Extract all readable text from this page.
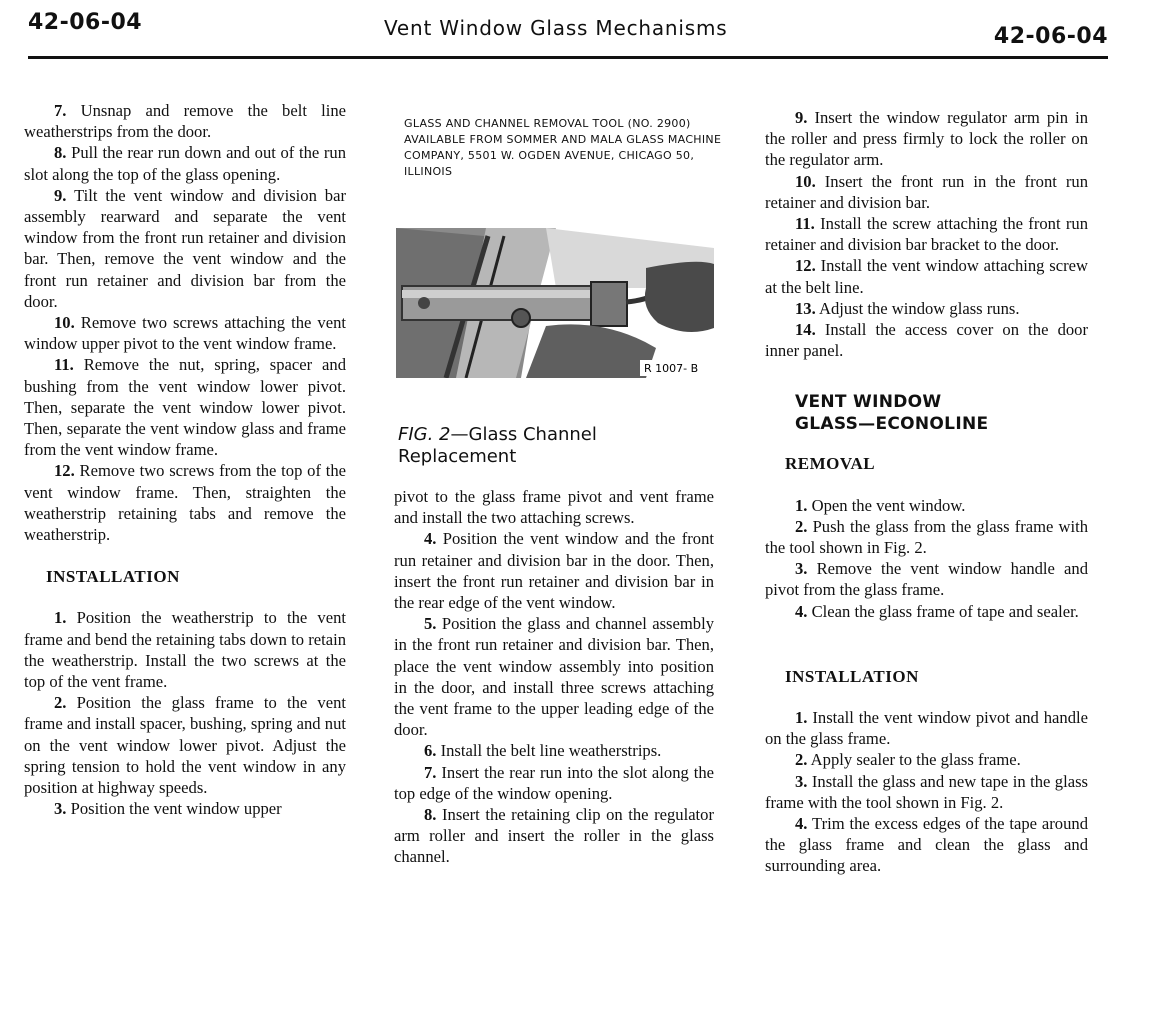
42-06-04	Vent Window Glass Mechanisms	42-06-04

7. Unsnap and remove the belt line weatherstrips from the door.

8. Pull the rear run down and out of the run slot along the top of the glass opening.

9. Tilt the vent window and division bar assembly rearward and separate the vent window from the front run retainer and division bar. Then, remove the vent window and the front run retainer and division bar from the door.

10. Remove two screws attaching the vent window upper pivot to the vent window frame.

11. Remove the nut, spring, spacer and bushing from the vent window lower pivot. Then, separate the vent window lower pivot. Then, separate the vent window glass and frame from the vent window frame.

12. Remove two screws from the top of the vent window frame. Then, straighten the weatherstrip retaining tabs and remove the weatherstrip.

INSTALLATION

1. Position the weatherstrip to the vent frame and bend the retaining tabs down to retain the weatherstrip. Install the two screws at the top of the vent frame.

2. Position the glass frame to the vent frame and install spacer, bushing, spring and nut on the vent window lower pivot. Adjust the spring tension to hold the vent window in any position at highway speeds.

3. Position the vent window upper

GLASS AND CHANNEL REMOVAL TOOL (NO. 2900) AVAILABLE FROM SOMMER AND MALA GLASS MACHINE COMPANY, 5501 W. OGDEN AVENUE, CHICAGO 50, ILLINOIS
R 1007- B
FIG. 2—Glass Channel Replacement

pivot to the glass frame pivot and vent frame and install the two attaching screws.

4. Position the vent window and the front run retainer and division bar in the door. Then, insert the front run retainer and division bar in the rear edge of the vent window.

5. Position the glass and channel assembly in the front run retainer and division bar. Then, place the vent window assembly into position in the door, and install three screws attaching the vent frame to the upper leading edge of the door.

6. Install the belt line weatherstrips.

7. Insert the rear run into the slot along the top edge of the window opening.

8. Insert the retaining clip on the regulator arm roller and insert the roller in the glass channel.

9. Insert the window regulator arm pin in the roller and press firmly to lock the roller on the regulator arm.

10. Insert the front run in the front run retainer and division bar.

11. Install the screw attaching the front run retainer and division bar bracket to the door.

12. Install the vent window attaching screw at the belt line.

13. Adjust the window glass runs.

14. Install the access cover on the door inner panel.

VENT WINDOW

GLASS—ECONOLINE

REMOVAL

1. Open the vent window.

2. Push the glass from the glass frame with the tool shown in Fig. 2.

3. Remove the vent window handle and pivot from the glass frame.

4. Clean the glass frame of tape and sealer.

INSTALLATION

1. Install the vent window pivot and handle on the glass frame.

2. Apply sealer to the glass frame.

3. Install the glass and new tape in the glass frame with the tool shown in Fig. 2.

4. Trim the excess edges of the tape around the glass frame and clean the glass and surrounding area.
